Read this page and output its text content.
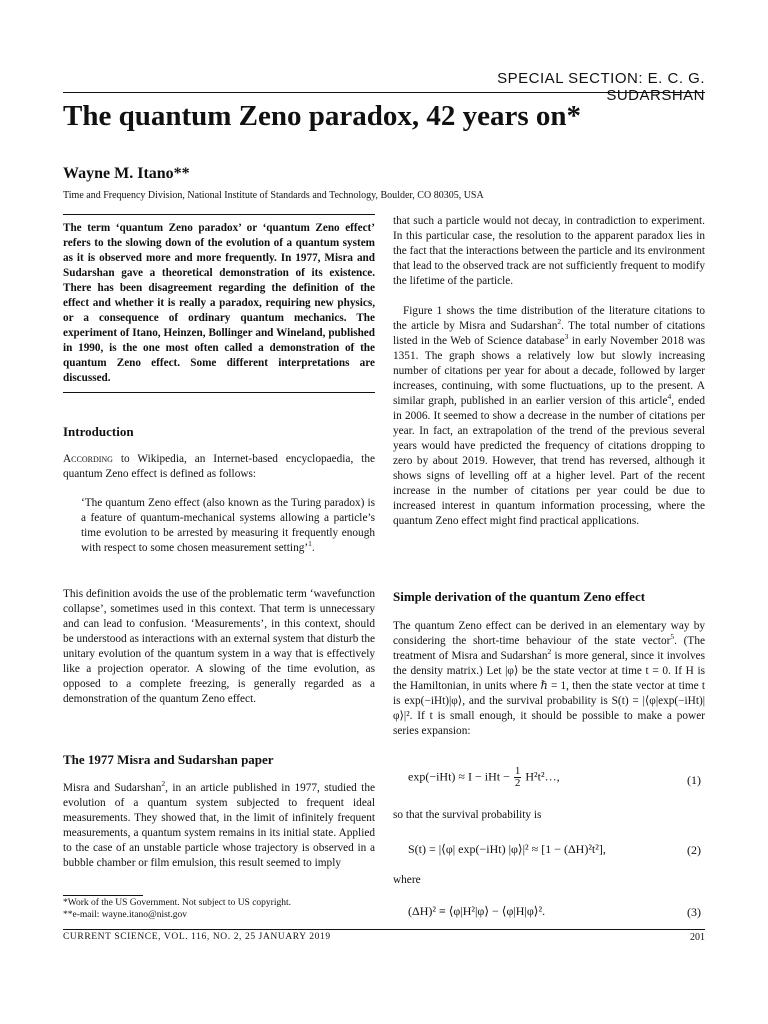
SPECIAL SECTION: E. C. G. SUDARSHAN
The quantum Zeno paradox, 42 years on*
Wayne M. Itano**
Time and Frequency Division, National Institute of Standards and Technology, Boulder, CO 80305, USA
The term ‘quantum Zeno paradox’ or ‘quantum Zeno effect’ refers to the slowing down of the evolution of a quantum system as it is observed more and more frequently. In 1977, Misra and Sudarshan gave a theoretical demonstration of its existence. There has been disagreement regarding the definition of the effect and whether it is really a paradox, requiring new physics, or a consequence of ordinary quantum mechanics. The experiment of Itano, Heinzen, Bollinger and Wineland, published in 1990, is the one most often called a demonstration of the quantum Zeno effect. Some different interpretations are discussed.
Introduction

According to Wikipedia, an Internet-based encyclopaedia, the quantum Zeno effect is defined as follows:

‘The quantum Zeno effect (also known as the Turing paradox) is a feature of quantum-mechanical systems allowing a particle’s time evolution to be arrested by measuring it frequently enough with respect to some chosen measurement setting’$^1$.
This definition avoids the use of the problematic term ‘wavefunction collapse’, sometimes used in this context. That term is unnecessary and can lead to confusion. ‘Measurements’, in this context, should be understood as interactions with an external system that disturb the unitary evolution of the quantum system in a way that is effectively like a projection operator. A slowing of the time evolution, as opposed to a complete freezing, is generally regarded as a demonstration of the quantum Zeno effect.
The 1977 Misra and Sudarshan paper

Misra and Sudarshan$^2$, in an article published in 1977, studied the evolution of a quantum system subjected to frequent ideal measurements. They showed that, in the limit of infinitely frequent measurements, a quantum system remains in its initial state. Applied to the case of an unstable particle whose trajectory is observed in a bubble chamber or film emulsion, this result seemed to imply

that such a particle would not decay, in contradiction to experiment. In this particular case, the resolution to the apparent paradox lies in the fact that the interactions between the particle and its environment that lead to the observed track are not sufficiently frequent to modify the lifetime of the particle.

Figure 1 shows the time distribution of the literature citations to the article by Misra and Sudarshan$^2$. The total number of citations listed in the Web of Science database$^3$ in early November 2018 was 1351. The graph shows a relatively low but slowly increasing number of citations per year for about a decade, followed by larger increases, continuing, with some fluctuations, up to the present. A similar graph, published in an earlier version of this article$^4$, ended in 2006. It seemed to show a decrease in the number of citations per year. In fact, an extrapolation of the trend of the previous several years would have predicted the frequency of citations dropping to zero by about 2019. However, that trend has reversed, although it shows signs of levelling off at a higher level. Part of the recent increase in the number of citations per year could be due to increased interest in quantum information processing, where the quantum Zeno effect might find practical applications.

Simple derivation of the quantum Zeno effect

The quantum Zeno effect can be derived in an elementary way by considering the short-time behaviour of the state vector$^5$. (The treatment of Misra and Sudarshan$^2$ is more general, since it involves the density matrix.) Let |φ⟩ be the state vector at time t = 0. If H is the Hamiltonian, in units where ℏ = 1, then the state vector at time t is exp(−iHt)|φ⟩, and the survival probability is S(t) = |⟨φ|exp(−iHt)|φ⟩|². If t is small enough, it should be possible to make a power series expansion:

exp(−iHt) ≈ I − iHt − $\frac{1}{2}$ H²t²…,	(1)
so that the survival probability is
S(t) = |⟨φ| exp(−iHt) |φ⟩|² ≈ [1 − (ΔH)²t²],	(2)
where
(ΔH)² ≡ ⟨φ|H²|φ⟩ − ⟨φ|H|φ⟩².	(3)
*Work of the US Government. Not subject to US copyright.
**e-mail: wayne.itano@nist.gov
CURRENT SCIENCE, VOL. 116, NO. 2, 25 JANUARY 2019	201
